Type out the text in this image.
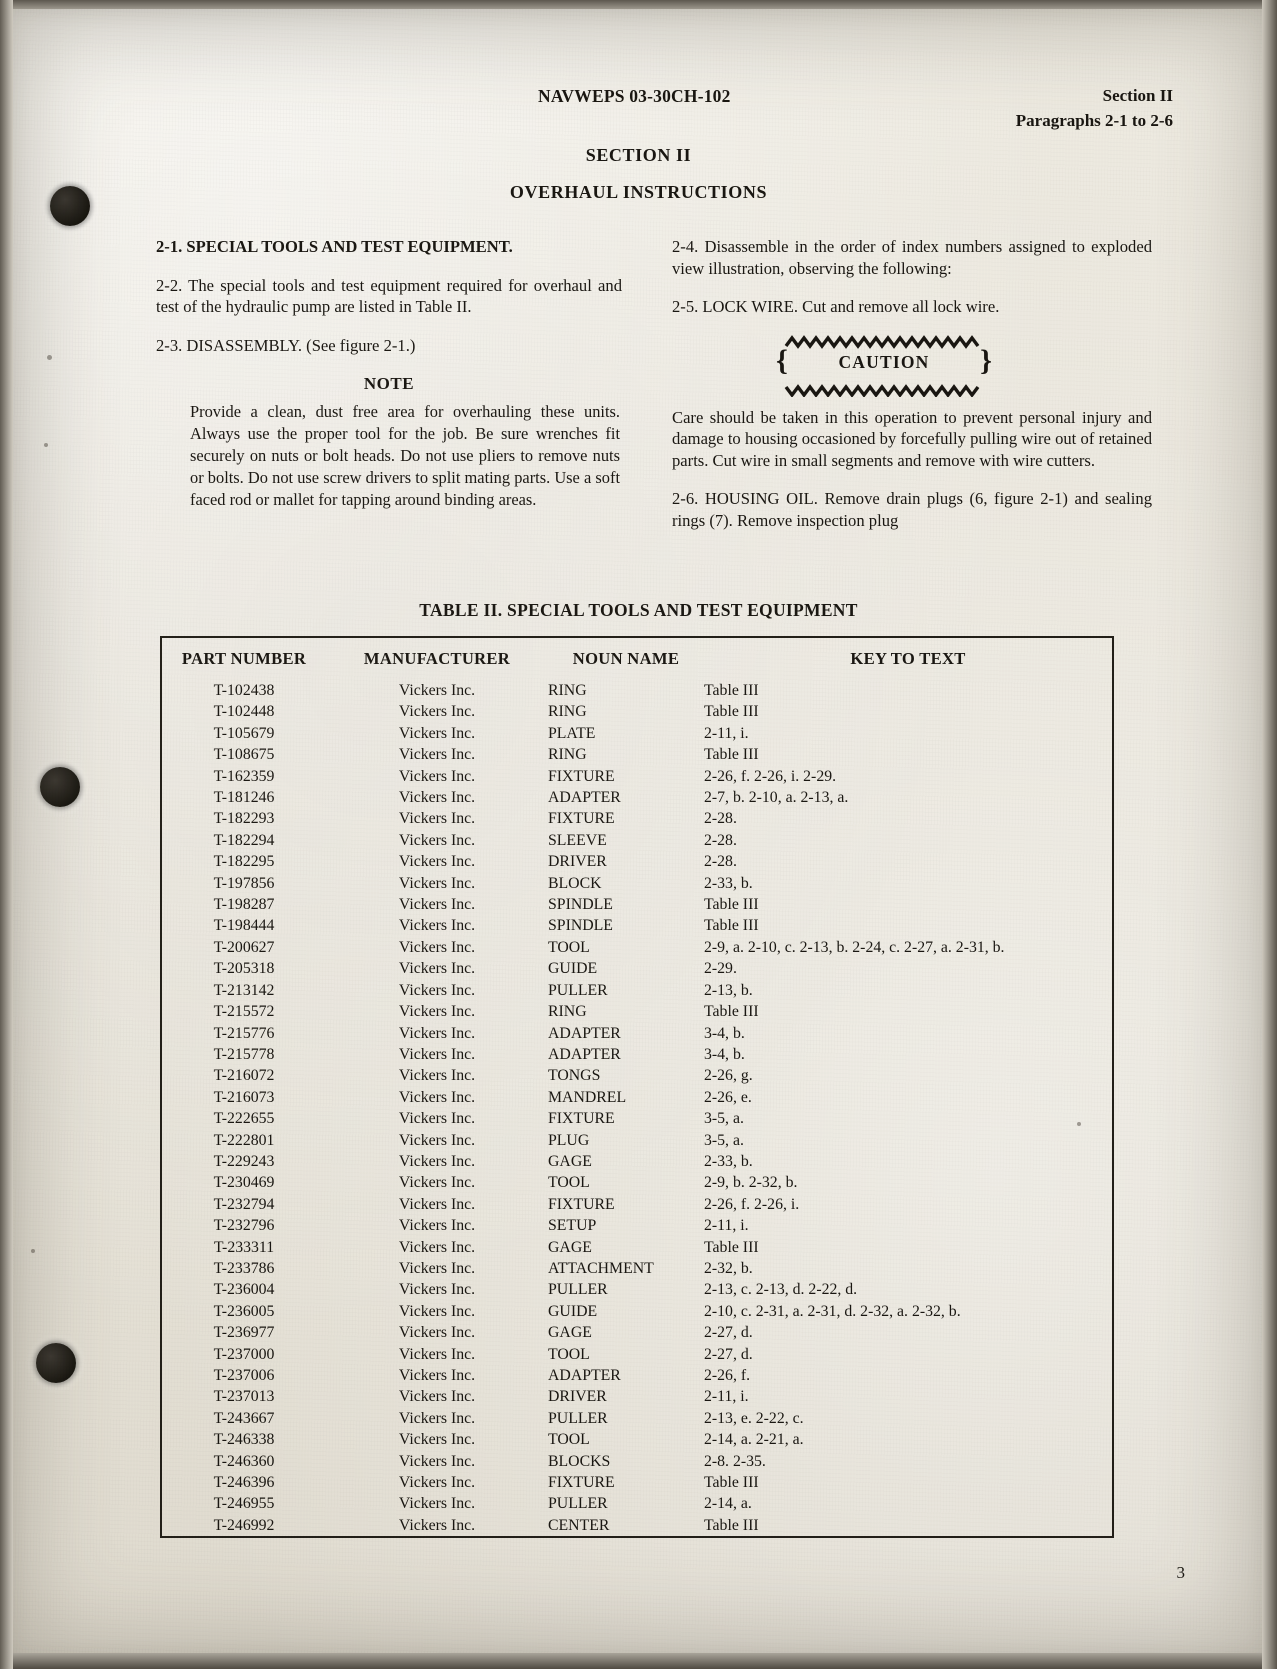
NAVWEPS 03-30CH-102	Section II
Paragraphs 2-1 to 2-6
SECTION II
OVERHAUL INSTRUCTIONS
2-1. SPECIAL TOOLS AND TEST EQUIPMENT.
2-2. The special tools and test equipment required for overhaul and test of the hydraulic pump are listed in Table II.
2-3. DISASSEMBLY. (See figure 2-1.)
NOTE
Provide a clean, dust free area for overhauling these units. Always use the proper tool for the job. Be sure wrenches fit securely on nuts or bolt heads. Do not use pliers to remove nuts or bolts. Do not use screw drivers to split mating parts. Use a soft faced rod or mallet for tapping around binding areas.
2-4. Disassemble in the order of index numbers assigned to exploded view illustration, observing the following:
2-5. LOCK WIRE. Cut and remove all lock wire.
{	CAUTION	}
Care should be taken in this operation to prevent personal injury and damage to housing occasioned by forcefully pulling wire out of retained parts. Cut wire in small segments and remove with wire cutters.
2-6. HOUSING OIL. Remove drain plugs (6, figure 2-1) and sealing rings (7). Remove inspection plug
TABLE II. SPECIAL TOOLS AND TEST EQUIPMENT
PART NUMBER	MANUFACTURER	NOUN NAME	KEY TO TEXT
T-102438	Vickers Inc.	RING	Table III
T-102448	Vickers Inc.	RING	Table III
T-105679	Vickers Inc.	PLATE	2-11, i.
T-108675	Vickers Inc.	RING	Table III
T-162359	Vickers Inc.	FIXTURE	2-26, f. 2-26, i. 2-29.
T-181246	Vickers Inc.	ADAPTER	2-7, b. 2-10, a. 2-13, a.
T-182293	Vickers Inc.	FIXTURE	2-28.
T-182294	Vickers Inc.	SLEEVE	2-28.
T-182295	Vickers Inc.	DRIVER	2-28.
T-197856	Vickers Inc.	BLOCK	2-33, b.
T-198287	Vickers Inc.	SPINDLE	Table III
T-198444	Vickers Inc.	SPINDLE	Table III
T-200627	Vickers Inc.	TOOL	2-9, a. 2-10, c. 2-13, b. 2-24, c. 2-27, a. 2-31, b.
T-205318	Vickers Inc.	GUIDE	2-29.
T-213142	Vickers Inc.	PULLER	2-13, b.
T-215572	Vickers Inc.	RING	Table III
T-215776	Vickers Inc.	ADAPTER	3-4, b.
T-215778	Vickers Inc.	ADAPTER	3-4, b.
T-216072	Vickers Inc.	TONGS	2-26, g.
T-216073	Vickers Inc.	MANDREL	2-26, e.
T-222655	Vickers Inc.	FIXTURE	3-5, a.
T-222801	Vickers Inc.	PLUG	3-5, a.
T-229243	Vickers Inc.	GAGE	2-33, b.
T-230469	Vickers Inc.	TOOL	2-9, b. 2-32, b.
T-232794	Vickers Inc.	FIXTURE	2-26, f. 2-26, i.
T-232796	Vickers Inc.	SETUP	2-11, i.
T-233311	Vickers Inc.	GAGE	Table III
T-233786	Vickers Inc.	ATTACHMENT	2-32, b.
T-236004	Vickers Inc.	PULLER	2-13, c. 2-13, d. 2-22, d.
T-236005	Vickers Inc.	GUIDE	2-10, c. 2-31, a. 2-31, d. 2-32, a. 2-32, b.
T-236977	Vickers Inc.	GAGE	2-27, d.
T-237000	Vickers Inc.	TOOL	2-27, d.
T-237006	Vickers Inc.	ADAPTER	2-26, f.
T-237013	Vickers Inc.	DRIVER	2-11, i.
T-243667	Vickers Inc.	PULLER	2-13, e. 2-22, c.
T-246338	Vickers Inc.	TOOL	2-14, a. 2-21, a.
T-246360	Vickers Inc.	BLOCKS	2-8. 2-35.
T-246396	Vickers Inc.	FIXTURE	Table III
T-246955	Vickers Inc.	PULLER	2-14, a.
T-246992	Vickers Inc.	CENTER	Table III
3
